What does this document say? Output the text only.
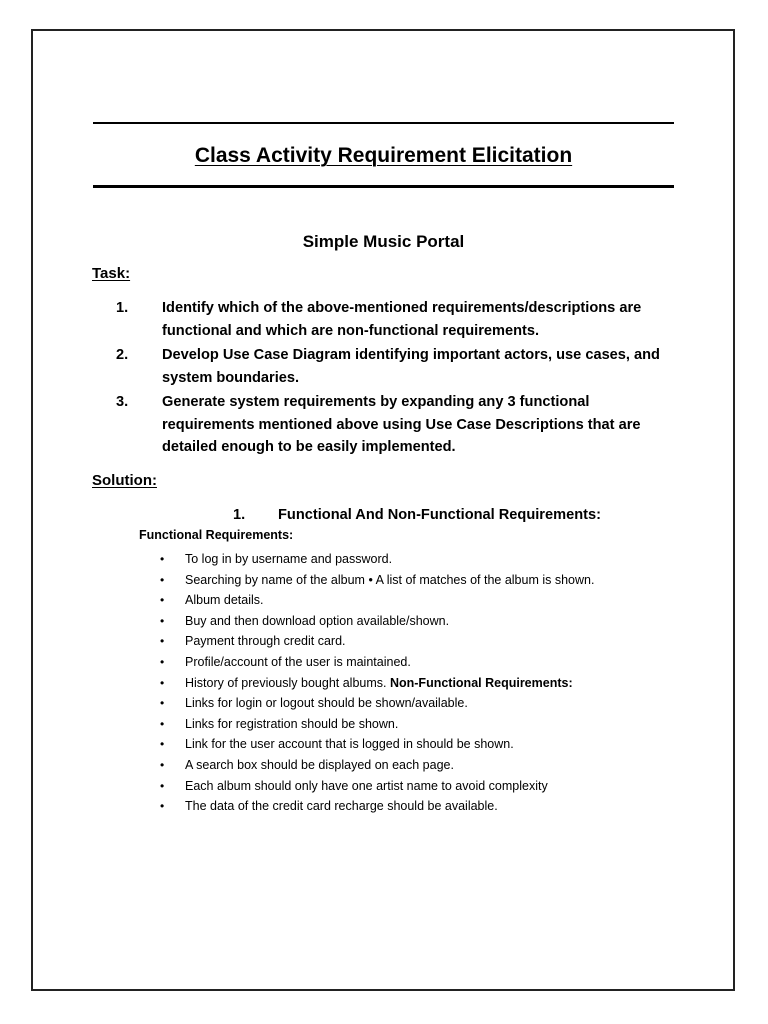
Class Activity Requirement Elicitation
Simple Music Portal
Task:
1. Identify which of the above-mentioned requirements/descriptions are functional and which are non-functional requirements.
2. Develop Use Case Diagram identifying important actors, use cases, and system boundaries.
3. Generate system requirements by expanding any 3 functional requirements mentioned above using Use Case Descriptions that are detailed enough to be easily implemented.
Solution:
1. Functional And Non-Functional Requirements:
Functional Requirements:
• To log in by username and password.
• Searching by name of the album • A list of matches of the album is shown.
• Album details.
• Buy and then download option available/shown.
• Payment through credit card.
• Profile/account of the user is maintained.
• History of previously bought albums. Non-Functional Requirements:
• Links for login or logout should be shown/available.
• Links for registration should be shown.
• Link for the user account that is logged in should be shown.
• A search box should be displayed on each page.
• Each album should only have one artist name to avoid complexity
• The data of the credit card recharge should be available.
